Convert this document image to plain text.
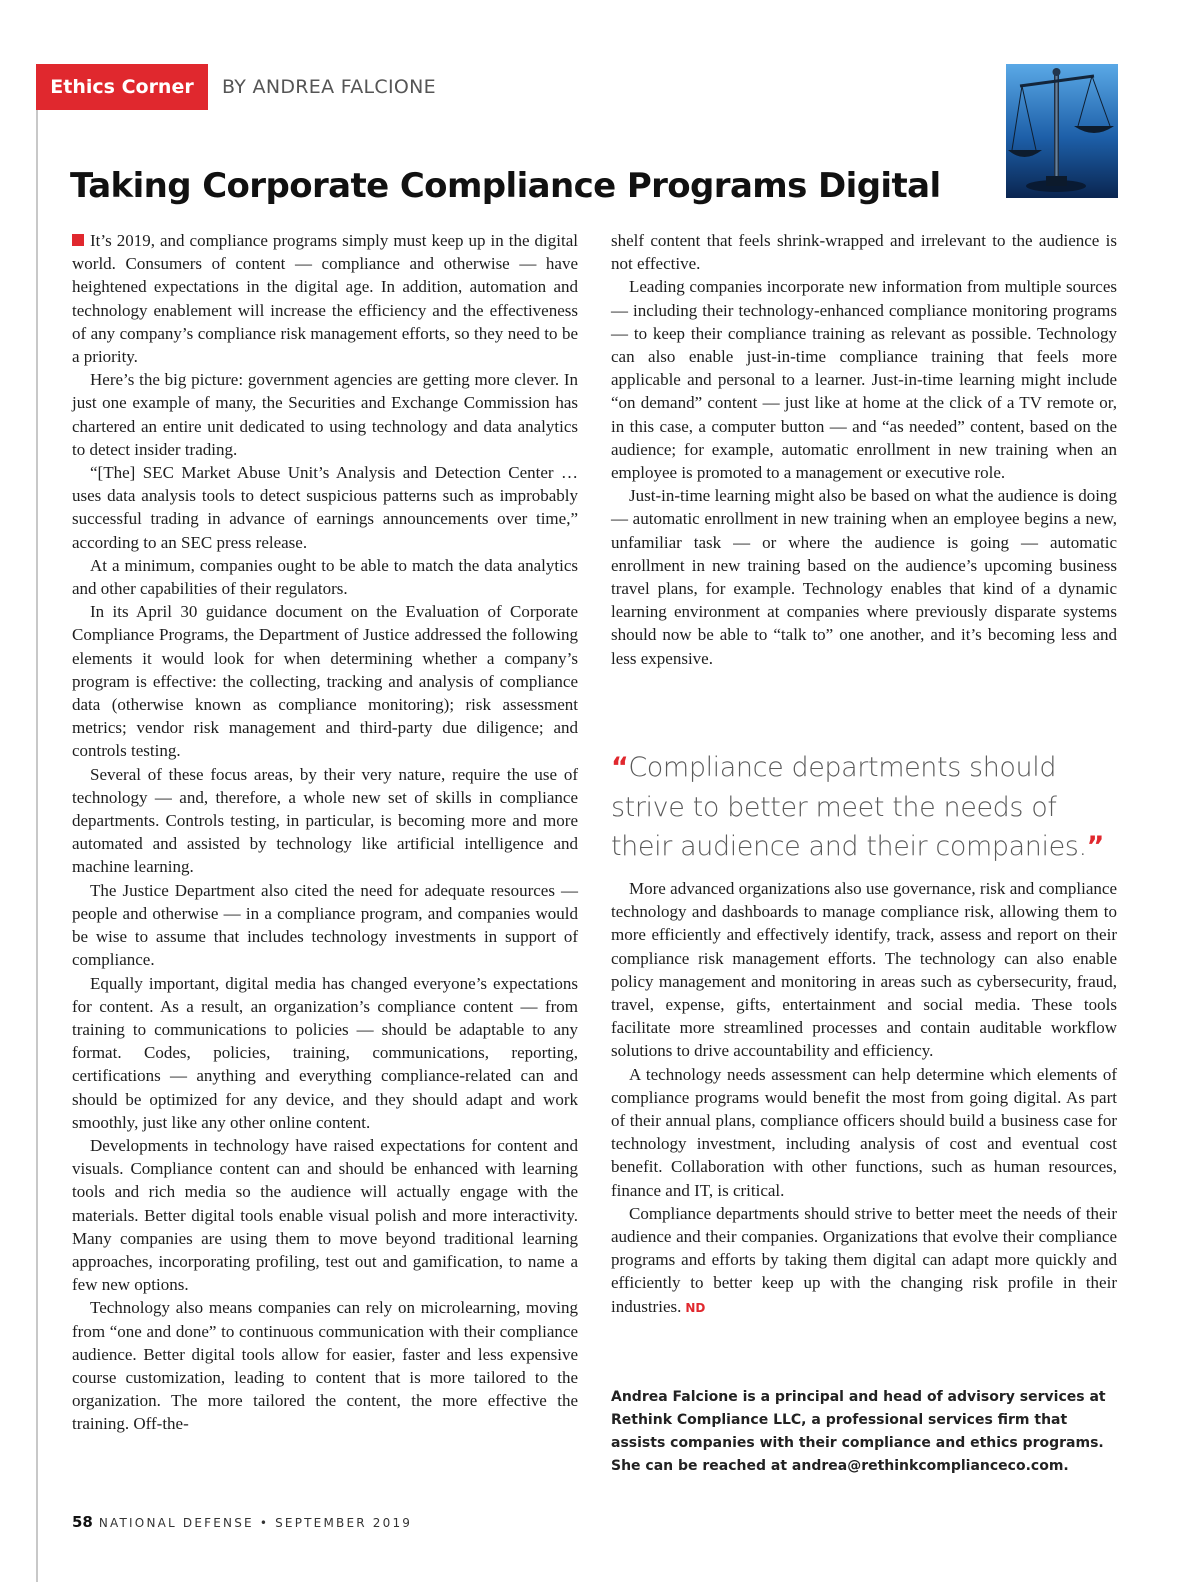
Ethics Corner	BY ANDREA FALCIONE
Taking Corporate Compliance Programs Digital

It’s 2019, and compliance programs simply must keep up in the digital world. Consumers of content — compliance and otherwise — have heightened expectations in the digital age. In addition, automation and technology enablement will increase the efficiency and the effectiveness of any company’s compliance risk management efforts, so they need to be a priority.

Here’s the big picture: government agencies are getting more clever. In just one example of many, the Securities and Exchange Commission has chartered an entire unit dedicated to using technology and data analytics to detect insider trading.

“[The] SEC Market Abuse Unit’s Analysis and Detection Center … uses data analysis tools to detect suspicious patterns such as improbably successful trading in advance of earnings announcements over time,” according to an SEC press release.

At a minimum, companies ought to be able to match the data analytics and other capabilities of their regulators.

In its April 30 guidance document on the Evaluation of Corporate Compliance Programs, the Department of Justice addressed the following elements it would look for when determining whether a company’s program is effective: the collecting, tracking and analysis of compliance data (otherwise known as compliance monitoring); risk assessment metrics; vendor risk management and third-party due diligence; and controls testing.

Several of these focus areas, by their very nature, require the use of technology — and, therefore, a whole new set of skills in compliance departments. Controls testing, in particular, is becoming more and more automated and assisted by technology like artificial intelligence and machine learning.

The Justice Department also cited the need for adequate resources — people and otherwise — in a compliance program, and companies would be wise to assume that includes technology investments in support of compliance.

Equally important, digital media has changed everyone’s expectations for content. As a result, an organization’s compliance content — from training to communications to policies — should be adaptable to any format. Codes, policies, training, communications, reporting, certifications — anything and everything compliance-related can and should be optimized for any device, and they should adapt and work smoothly, just like any other online content.

Developments in technology have raised expectations for content and visuals. Compliance content can and should be enhanced with learning tools and rich media so the audience will actually engage with the materials. Better digital tools enable visual polish and more interactivity. Many companies are using them to move beyond traditional learning approaches, incorporating profiling, test out and gamification, to name a few new options.

Technology also means companies can rely on microlearning, moving from “one and done” to continuous communication with their compliance audience. Better digital tools allow for easier, faster and less expensive course customization, leading to content that is more tailored to the organization. The more tailored the content, the more effective the training. Off-the-

shelf content that feels shrink-wrapped and irrelevant to the audience is not effective.

Leading companies incorporate new information from multiple sources — including their technology-enhanced compliance monitoring programs — to keep their compliance training as relevant as possible. Technology can also enable just-in-time compliance training that feels more applicable and personal to a learner. Just-in-time learning might include “on demand” content — just like at home at the click of a TV remote or, in this case, a computer button — and “as needed” content, based on the audience; for example, automatic enrollment in new training when an employee is promoted to a management or executive role.

Just-in-time learning might also be based on what the audience is doing — automatic enrollment in new training when an employee begins a new, unfamiliar task — or where the audience is going — automatic enrollment in new training based on the audience’s upcoming business travel plans, for example. Technology enables that kind of a dynamic learning environment at companies where previously disparate systems should now be able to “talk to” one another, and it’s becoming less and less expensive.

“Compliance departments should strive to better meet the needs of their audience and their companies.”

More advanced organizations also use governance, risk and compliance technology and dashboards to manage compliance risk, allowing them to more efficiently and effectively identify, track, assess and report on their compliance risk management efforts. The technology can also enable policy management and monitoring in areas such as cybersecurity, fraud, travel, expense, gifts, entertainment and social media. These tools facilitate more streamlined processes and contain auditable workflow solutions to drive accountability and efficiency.

A technology needs assessment can help determine which elements of compliance programs would benefit the most from going digital. As part of their annual plans, compliance officers should build a business case for technology investment, including analysis of cost and eventual cost benefit. Collaboration with other functions, such as human resources, finance and IT, is critical.

Compliance departments should strive to better meet the needs of their audience and their companies. Organizations that evolve their compliance programs and efforts by taking them digital can adapt more quickly and efficiently to better keep up with the changing risk profile in their industries. ND

Andrea Falcione is a principal and head of advisory services at Rethink Compliance LLC, a professional services firm that assists companies with their compliance and ethics programs. She can be reached at andrea@rethinkcomplianceco.com.
58 NATIONAL DEFENSE • SEPTEMBER 2019
